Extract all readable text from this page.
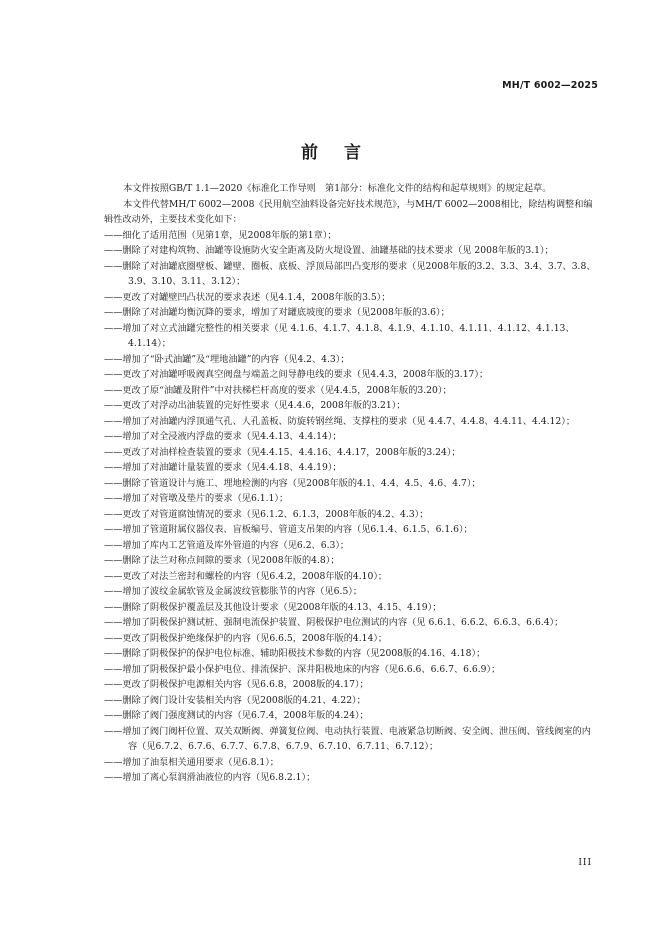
MH/T 6002—2025
前言

本文件按照GB/T 1.1—2020《标准化工作导则　第1部分：标准化文件的结构和起草规则》的规定起草。

本文件代替MH/T 6002—2008《民用航空油料设备完好技术规范》，与MH/T 6002—2008相比，除结构调整和编辑性改动外，主要技术变化如下：

——细化了适用范围（见第1章，见2008年版的第1章）；

——删除了对建构筑物、油罐等设施防火安全距离及防火堤设置、油罐基础的技术要求（见 2008年版的3.1）；

——删除了对油罐底圈壁板、罐壁、圈板、底板、浮顶局部凹凸变形的要求（见2008年版的3.2、3.3、3.4、3.7、3.8、3.9、3.10、3.11、3.12）；

——更改了对罐壁凹凸状况的要求表述（见4.1.4，2008年版的3.5）；

——删除了对油罐均衡沉降的要求，增加了对罐底坡度的要求（见2008年版的3.6）；

——增加了对立式油罐完整性的相关要求（见 4.1.6、4.1.7、4.1.8、4.1.9、4.1.10、4.1.11、4.1.12、4.1.13、4.1.14）；

——增加了“卧式油罐”及“埋地油罐”的内容（见4.2、4.3）；

——更改了对油罐呼吸阀真空阀盘与端盖之间导静电线的要求（见4.4.3，2008年版的3.17）；

——更改了原“油罐及附件”中对扶梯栏杆高度的要求（见4.4.5，2008年版的3.20）；

——更改了对浮动出油装置的完好性要求（见4.4.6，2008年版的3.21）；

——增加了对油罐内浮顶通气孔、人孔盖板、防旋转钢丝绳、支撑柱的要求（见 4.4.7、4.4.8、4.4.11、4.4.12）；

——增加了对全浸液内浮盘的要求（见4.4.13、4.4.14）；

——更改了对油样检查装置的要求（见4.4.15、4.4.16、4.4.17，2008年版的3.24）；

——增加了对油罐计量装置的要求（见4.4.18、4.4.19）；

——删除了管道设计与施工、埋地检测的内容（见2008年版的4.1、4.4、4.5、4.6、4.7）；

——增加了对管墩及垫片的要求（见6.1.1）；

——更改了对管道腐蚀情况的要求（见6.1.2、6.1.3，2008年版的4.2、4.3）；

——增加了管道附属仪器仪表、盲板编号、管道支吊架的内容（见6.1.4、6.1.5、6.1.6）；

——增加了库内工艺管道及库外管道的内容（见6.2、6.3）；

——删除了法兰对称点间隙的要求（见2008年版的4.8）；

——更改了对法兰密封和螺栓的内容（见6.4.2，2008年版的4.10）；

——增加了波纹金属软管及金属波纹管膨胀节的内容（见6.5）；

——删除了阴极保护覆盖层及其他设计要求（见2008年版的4.13、4.15、4.19）；

——增加了阴极保护测试桩、强制电流保护装置、阴极保护电位测试的内容（见 6.6.1、6.6.2、6.6.3、6.6.4）；

——更改了阴极保护绝缘保护的内容（见6.6.5，2008年版的4.14）；

——删除了阴极保护的保护电位标准、辅助阳极技术参数的内容（见2008版的4.16、4.18）；

——增加了阴极保护最小保护电位、排流保护、深井阳极地床的内容（见6.6.6、6.6.7、6.6.9）；

——更改了阴极保护电源相关内容（见6.6.8，2008版的4.17）；

——删除了阀门设计安装相关内容（见2008版的4.21、4.22）；

——删除了阀门强度测试的内容（见6.7.4，2008年版的4.24）；

——增加了阀门阀杆位置、双关双断阀、弹簧复位阀、电动执行装置、电液紧急切断阀、安全阀、泄压阀、管线阀室的内容（见6.7.2、6.7.6、6.7.7、6.7.8、6.7.9、6.7.10、6.7.11、6.7.12）；

——增加了油泵相关通用要求（见6.8.1）；

——增加了离心泵润滑油液位的内容（见6.8.2.1）；

III
